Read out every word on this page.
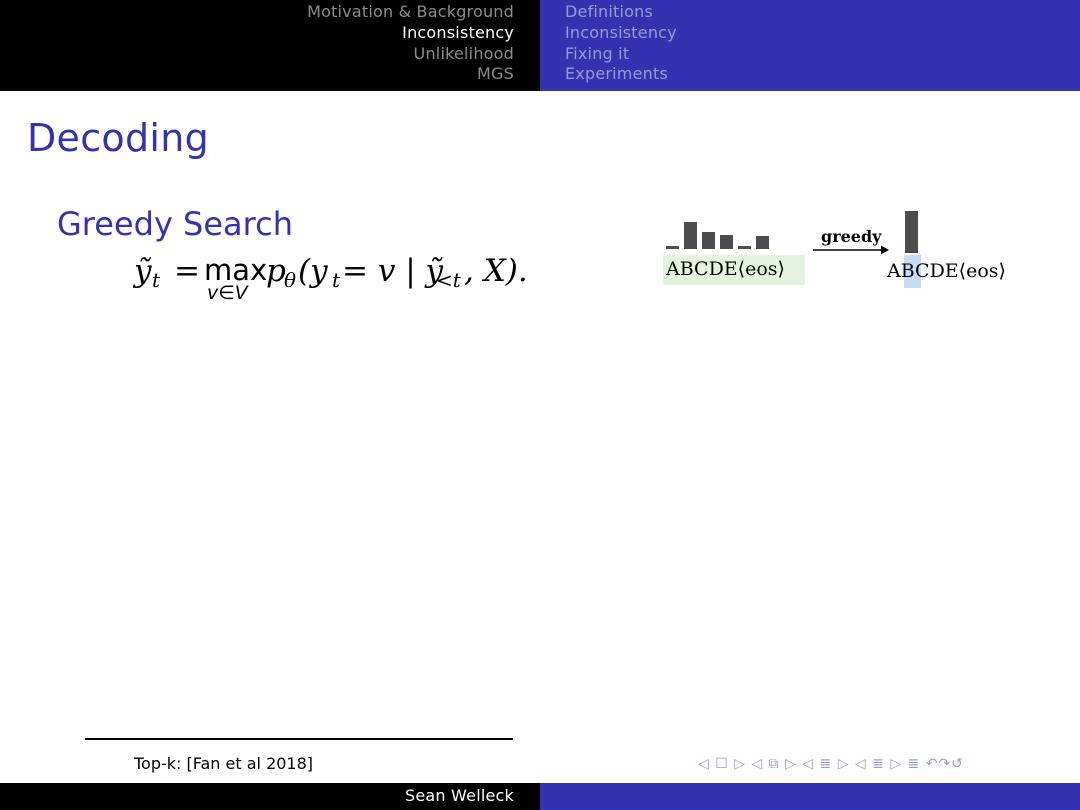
Motivation & Background
Inconsistency
Unlikelihood
MGS
Definitions
Inconsistency
Fixing it
Experiments
Decoding
Greedy Search
ỹ t = max
v∈V
p
θ (y t = v | ỹ
<t , X).	ABCDE⟨eos⟩
greedy
ABCDE⟨eos⟩
Top-k: [Fan et al 2018]	◁ ☐ ▷ ◁ ⧉ ▷ ◁ ≣ ▷ ◁ ≣ ▷ ≣ ↶↷↺
Sean Welleck
